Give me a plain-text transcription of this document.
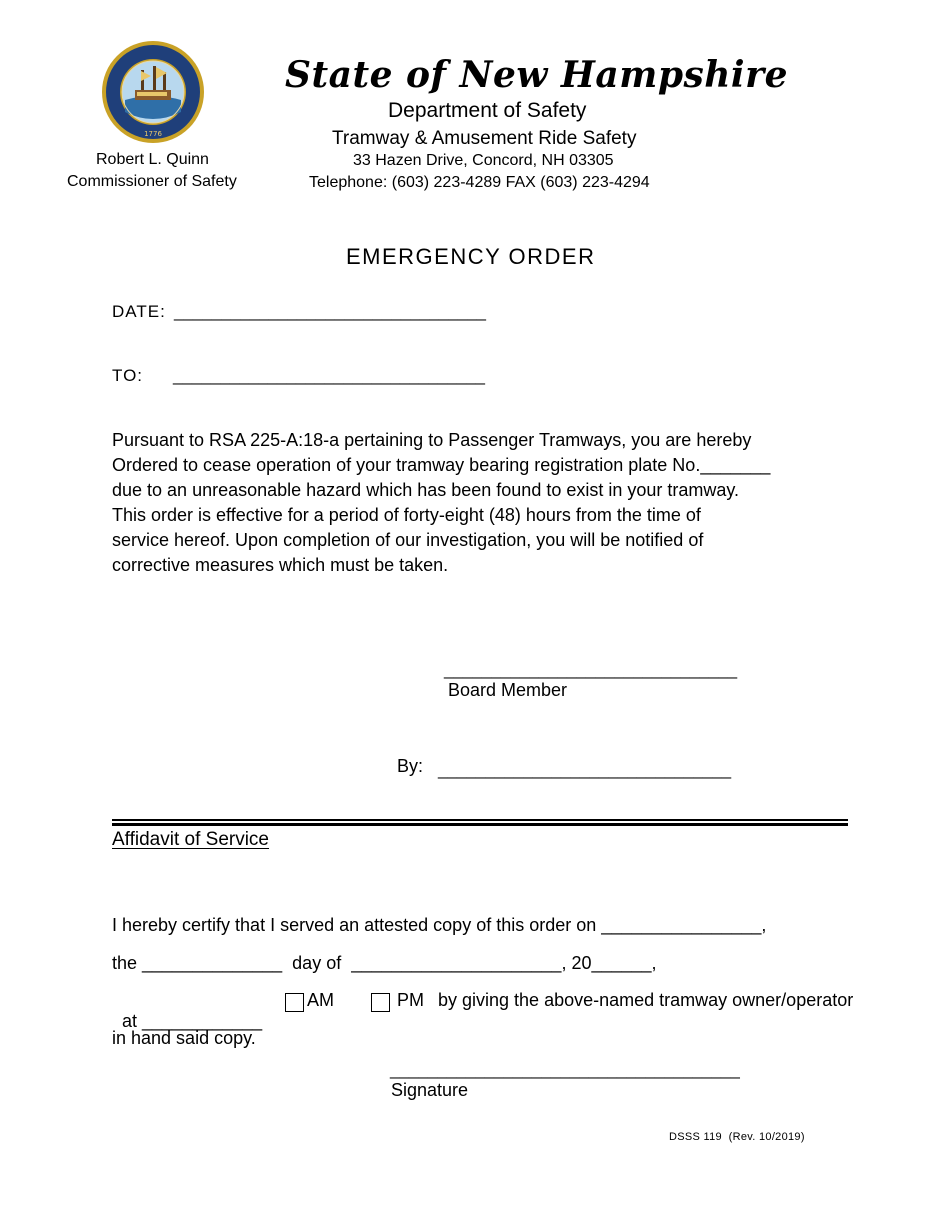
1776
State of New Hampshire
Department of Safety
Tramway & Amusement Ride Safety
33 Hazen Drive, Concord, NH 03305
Telephone: (603) 223-4289 FAX (603) 223-4294
Robert L. Quinn
Commissioner of Safety
EMERGENCY ORDER
DATE: _________________________________
TO: _________________________________
Pursuant to RSA 225-A:18-a pertaining to Passenger Tramways, you are hereby
Ordered to cease operation of your tramway bearing registration plate No._______
due to an unreasonable hazard which has been found to exist in your tramway.
This order is effective for a period of forty-eight (48) hours from the time of
service hereof. Upon completion of our investigation, you will be notified of
corrective measures which must be taken.
_______________________________
Board Member
By: _______________________________
Affidavit of Service
I hereby certify that I served an attested copy of this order on ________________,
the ______________  day of  _____________________, 20______,

at ____________

AM	PM by giving the above-named tramway owner/operator
in hand said copy.
_____________________________________
Signature
DSSS 119  (Rev. 10/2019)
